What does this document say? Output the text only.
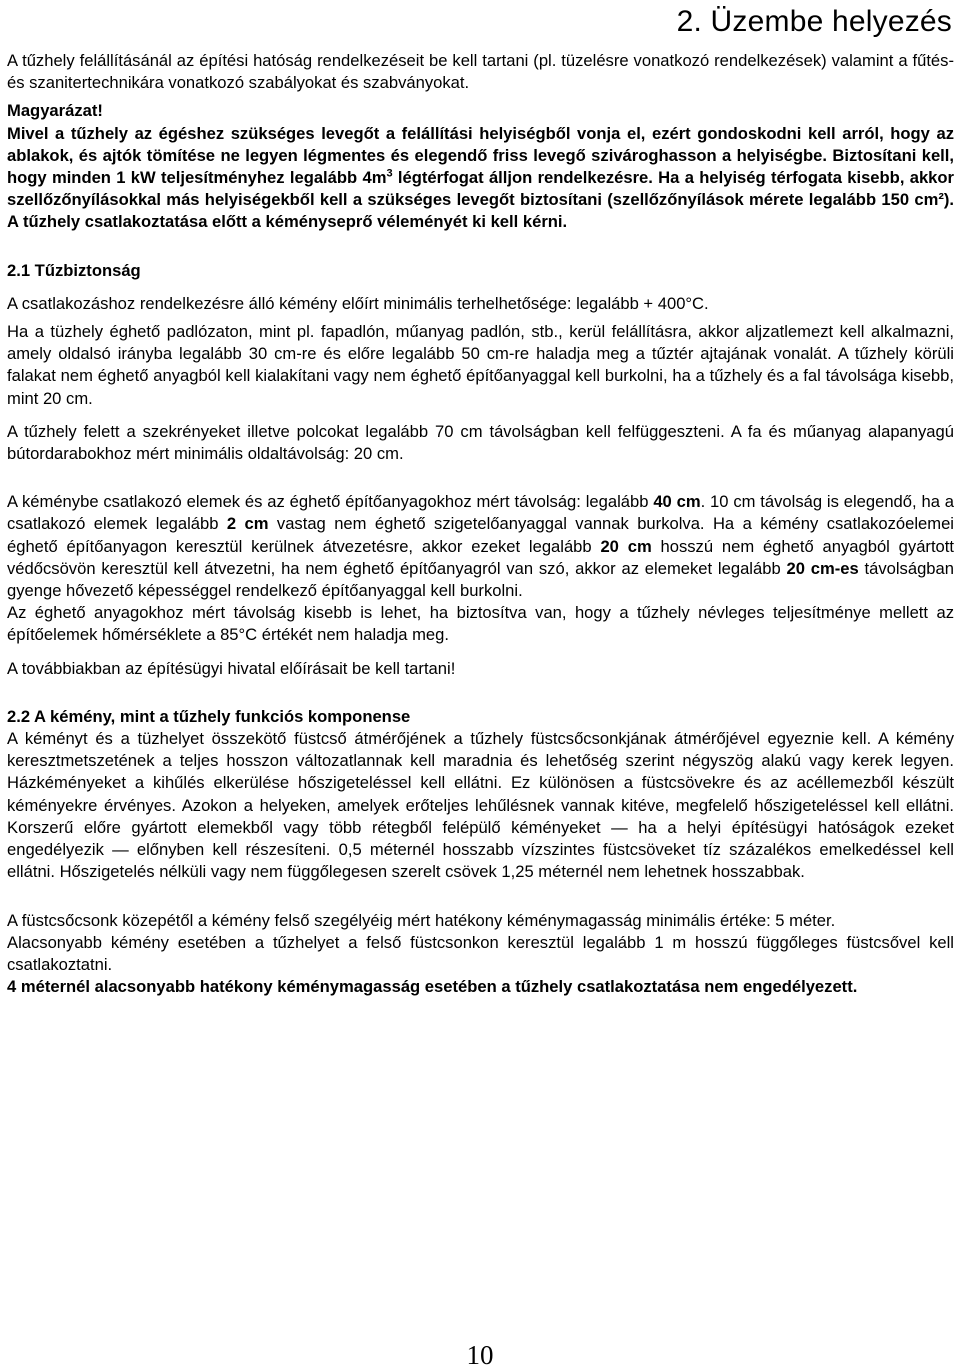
2. Üzembe helyezés

A tűzhely felállításánál az építési hatóság rendelkezéseit be kell tartani (pl. tüzelésre vonatkozó rendelkezések) valamint a fűtés- és szanitertechnikára vonatkozó szabályokat és szabványokat.

Magyarázat!

Mivel a tűzhely az égéshez szükséges levegőt a felállítási helyiségből vonja el, ezért gondoskodni kell arról, hogy az ablakok, és ajtók tömítése ne legyen légmentes és elegendő friss levegő szivároghasson a helyiségbe. Biztosítani kell, hogy minden 1 kW teljesítményhez legalább $4m^3$ légtérfogat álljon rendelkezésre. Ha a helyiség térfogata kisebb, akkor szellőzőnyílásokkal más helyiségekből kell a szükséges levegőt biztosítani (szellőzőnyílások mérete legalább 150 cm²). A tűzhely csatlakoztatása előtt a kéményseprő véleményét ki kell kérni.

2.1 Tűzbiztonság

A csatlakozáshoz rendelkezésre álló kémény előírt minimális terhelhetősége: legalább + 400°C.

Ha a tüzhely éghető padlózaton, mint pl. fapadlón, műanyag padlón, stb., kerül felállításra, akkor aljzatlemezt kell alkalmazni, amely oldalsó irányba legalább 30 cm-re és előre legalább 50 cm-re haladja meg a tűztér ajtajának vonalát. A tűzhely körüli falakat nem éghető anyagból kell kialakítani vagy nem éghető építőanyaggal kell burkolni, ha a tűzhely és a fal távolsága kisebb, mint 20 cm.

A tűzhely felett a szekrényeket illetve polcokat legalább 70 cm távolságban kell felfüggeszteni. A fa és műanyag alapanyagú bútordarabokhoz mért minimális oldaltávolság: 20 cm.

A kéménybe csatlakozó elemek és az éghető építőanyagokhoz mért távolság: legalább 40 cm. 10 cm távolság is elegendő, ha a csatlakozó elemek legalább 2 cm vastag nem éghető szigetelőanyaggal vannak burkolva. Ha a kémény csatlakozóelemei éghető építőanyagon keresztül kerülnek átvezetésre, akkor ezeket legalább 20 cm hosszú nem éghető anyagból gyártott védőcsövön keresztül kell átvezetni, ha nem éghető építőanyagról van szó, akkor az elemeket legalább 20 cm-es távolságban gyenge hővezető képességgel rendelkező építőanyaggal kell burkolni.

Az éghető anyagokhoz mért távolság kisebb is lehet, ha biztosítva van, hogy a tűzhely névleges teljesítménye mellett az építőelemek hőmérséklete a 85°C értékét nem haladja meg.

A továbbiakban az építésügyi hivatal előírásait be kell tartani!

2.2 A kémény, mint a tűzhely funkciós komponense

A kéményt és a tüzhelyet összekötő füstcső átmérőjének a tűzhely füstcsőcsonkjának átmérőjével egyeznie kell. A kémény keresztmetszetének a teljes hosszon változatlannak kell maradnia és lehetőség szerint négyszög alakú vagy kerek legyen. Házkéményeket a kihűlés elkerülése hőszigeteléssel kell ellátni. Ez különösen a füstcsövekre és az acéllemezből készült kéményekre érvényes. Azokon a helyeken, amelyek erőteljes lehűlésnek vannak kitéve, megfelelő hőszigeteléssel kell ellátni. Korszerű előre gyártott elemekből vagy több rétegből felépülő kéményeket — ha a helyi építésügyi hatóságok ezeket engedélyezik — előnyben kell részesíteni. 0,5 méternél hosszabb vízszintes füstcsöveket tíz százalékos emelkedéssel kell ellátni. Hőszigetelés nélküli vagy nem függőlegesen szerelt csövek 1,25 méternél nem lehetnek hosszabbak.

A füstcsőcsonk közepétől a kémény felső szegélyéig mért hatékony kéménymagasság minimális értéke: 5 méter.

Alacsonyabb kémény esetében a tűzhelyet a felső füstcsonkon keresztül legalább 1 m hosszú függőleges füstcsővel kell csatlakoztatni.

4 méternél alacsonyabb hatékony kéménymagasság esetében a tűzhely csatlakoztatása nem engedélyezett.

10
